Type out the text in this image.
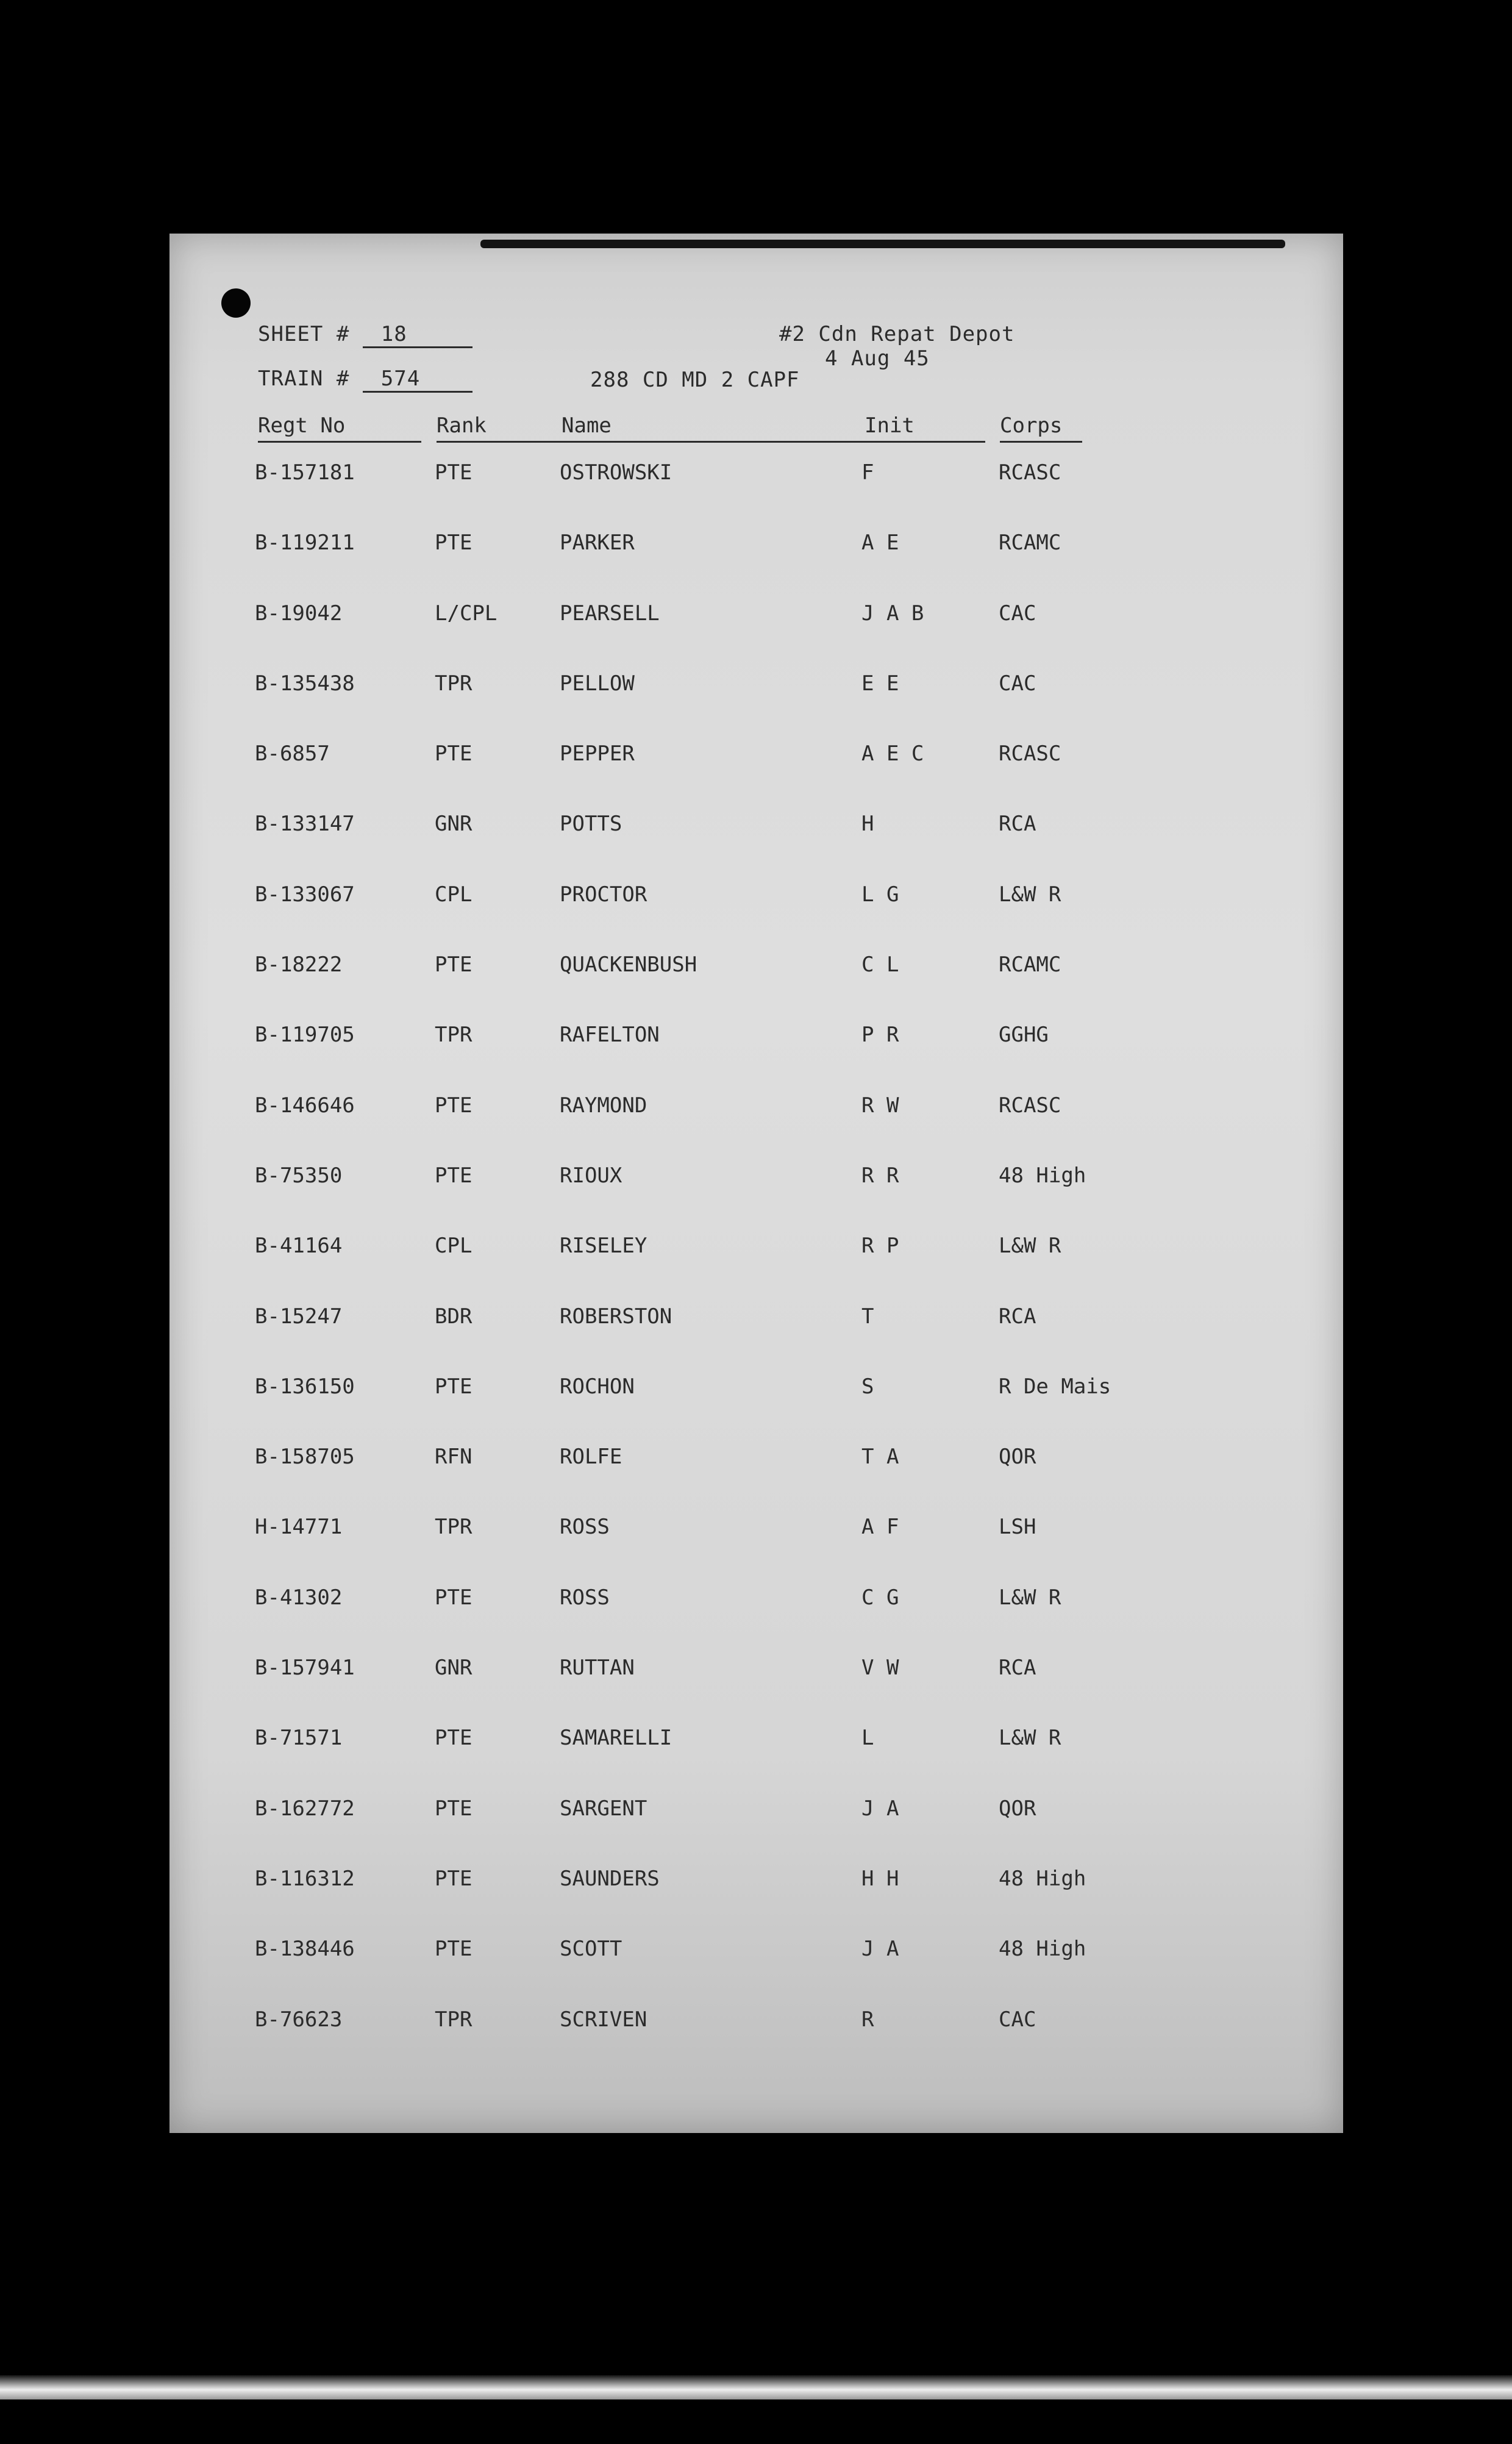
SHEET # 18
TRAIN # 574	288 CD MD 2 CAPF
#2 Cdn Repat Depot
4 Aug 45
Regt No	Rank	Name	Init	Corps
B-157181	PTE	OSTROWSKI	F	RCASC
B-119211	PTE	PARKER	A E	RCAMC
B-19042	L/CPL	PEARSELL	J A B	CAC
B-135438	TPR	PELLOW	E E	CAC
B-6857	PTE	PEPPER	A E C	RCASC
B-133147	GNR	POTTS	H	RCA
B-133067	CPL	PROCTOR	L G	L&W R
B-18222	PTE	QUACKENBUSH	C L	RCAMC
B-119705	TPR	RAFELTON	P R	GGHG
B-146646	PTE	RAYMOND	R W	RCASC
B-75350	PTE	RIOUX	R R	48 High
B-41164	CPL	RISELEY	R P	L&W R
B-15247	BDR	ROBERSTON	T	RCA
B-136150	PTE	ROCHON	S	R De Mais
B-158705	RFN	ROLFE	T A	QOR
H-14771	TPR	ROSS	A F	LSH
B-41302	PTE	ROSS	C G	L&W R
B-157941	GNR	RUTTAN	V W	RCA
B-71571	PTE	SAMARELLI	L	L&W R
B-162772	PTE	SARGENT	J A	QOR
B-116312	PTE	SAUNDERS	H H	48 High
B-138446	PTE	SCOTT	J A	48 High
B-76623	TPR	SCRIVEN	R	CAC
